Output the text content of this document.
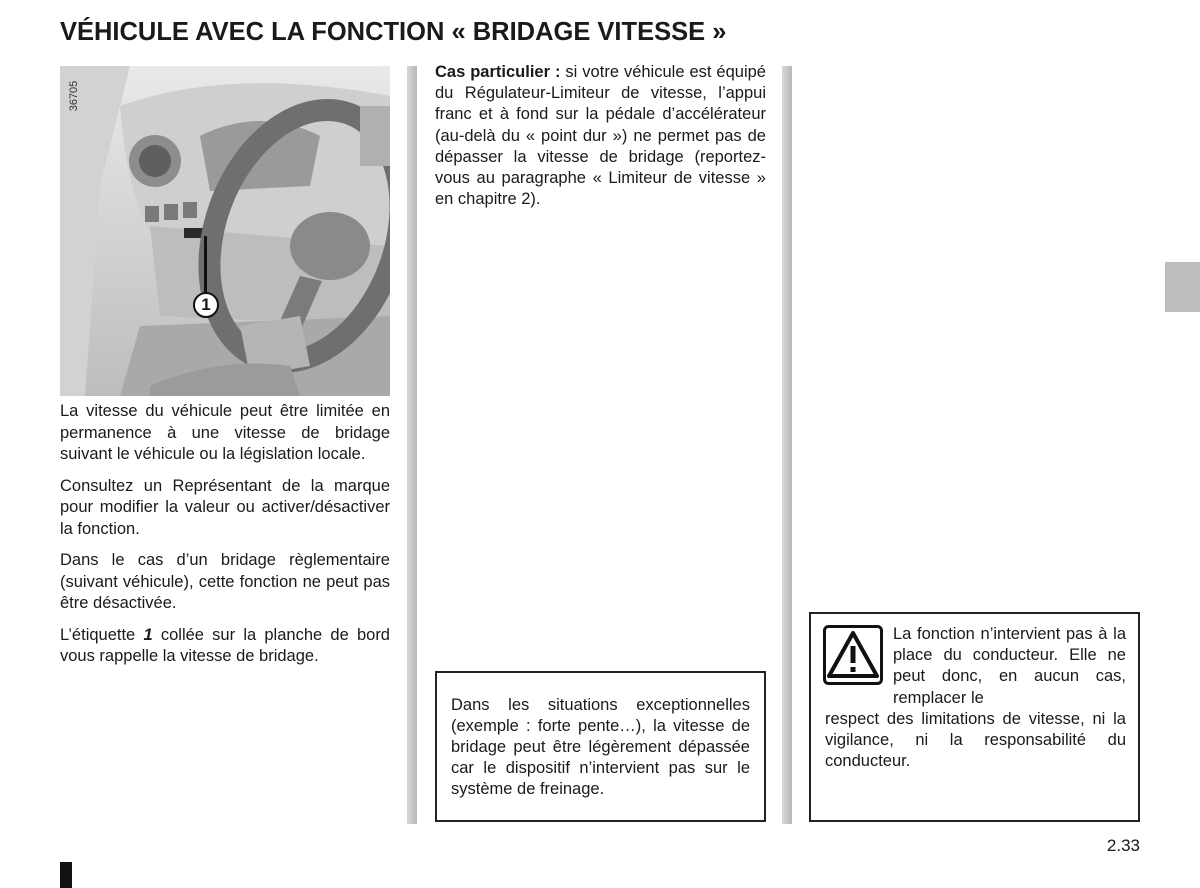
VÉHICULE AVEC LA FONCTION « BRIDAGE VITESSE »
36705
1

La vitesse du véhicule peut être limitée en permanence à une vitesse de bridage suivant le véhicule ou la législation locale.

Consultez un Représentant de la marque pour modifier la valeur ou activer/désactiver la fonction.

Dans le cas d’un bridage règlementaire (suivant véhicule), cette fonction ne peut pas être désactivée.

L’étiquette 1 collée sur la planche de bord vous rappelle la vitesse de bridage.

Cas particulier : si votre véhicule est équipé du Régulateur-Limiteur de vitesse, l’appui franc et à fond sur la pédale d’accélérateur (au-delà du « point dur ») ne permet pas de dépasser la vitesse de bridage (reportez-vous au paragraphe « Limiteur de vitesse » en chapitre 2).

Dans les situations exceptionnelles (exemple : forte pente…), la vitesse de bridage peut être légèrement dépassée car le dispositif n’intervient pas sur le système de freinage.

La fonction n’intervient pas à la place du conducteur. Elle ne peut donc, en aucun cas, remplacer le
respect des limitations de vitesse, ni la vigilance, ni la responsabilité du conducteur.

2.33
